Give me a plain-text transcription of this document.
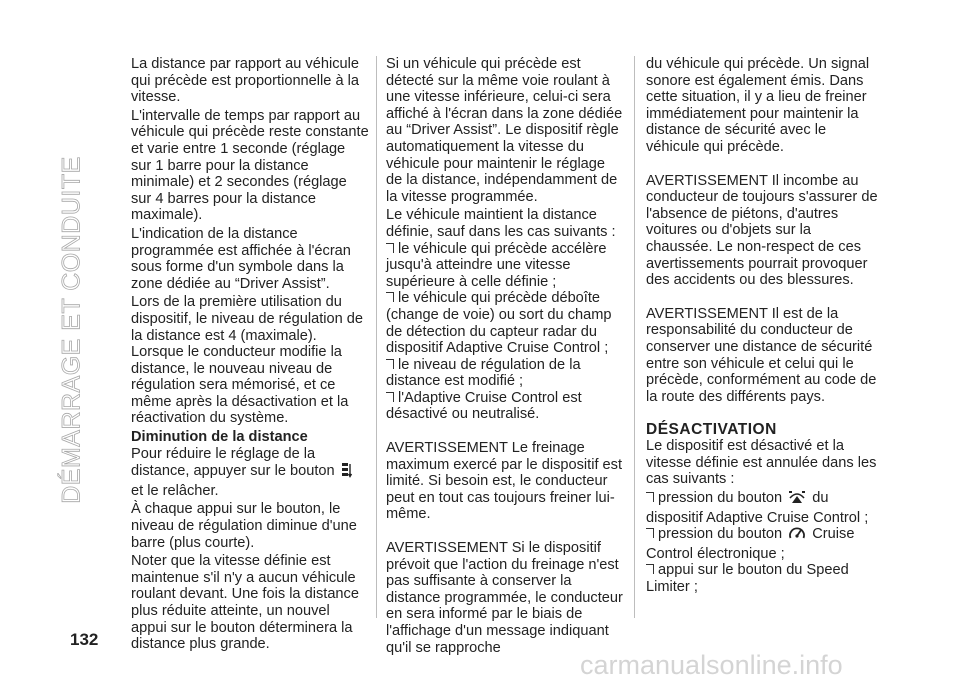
DÉMARRAGE ET CONDUITE

La distance par rapport au véhicule qui précède est proportionnelle à la vitesse.

L'intervalle de temps par rapport au véhicule qui précède reste constante et varie entre 1 seconde (réglage sur 1 barre pour la distance minimale) et 2 secondes (réglage sur 4 barres pour la distance maximale).

L'indication de la distance programmée est affichée à l'écran sous forme d'un symbole dans la zone dédiée au “Driver Assist”.

Lors de la première utilisation du dispositif, le niveau de régulation de la distance est 4 (maximale). Lorsque le conducteur modifie la distance, le nouveau niveau de régulation sera mémorisé, et ce même après la désactivation et la réactivation du système.

Diminution de la distance

Pour réduire le réglage de la distance, appuyer sur le bouton  et le relâcher.

À chaque appui sur le bouton, le niveau de régulation diminue d'une barre (plus courte).

Noter que la vitesse définie est maintenue s'il n'y a aucun véhicule roulant devant. Une fois la distance plus réduite atteinte, un nouvel appui sur le bouton déterminera la distance plus grande.

Si un véhicule qui précède est détecté sur la même voie roulant à une vitesse inférieure, celui-ci sera affiché à l'écran dans la zone dédiée au “Driver Assist”. Le dispositif règle automatiquement la vitesse du véhicule pour maintenir le réglage de la distance, indépendamment de la vitesse programmée.

Le véhicule maintient la distance définie, sauf dans les cas suivants :

le véhicule qui précède accélère jusqu'à atteindre une vitesse supérieure à celle définie ;

le véhicule qui précède déboîte (change de voie) ou sort du champ de détection du capteur radar du dispositif Adaptive Cruise Control ;

le niveau de régulation de la distance est modifié ;

l'Adaptive Cruise Control est désactivé ou neutralisé.

AVERTISSEMENT Le freinage maximum exercé par le dispositif est limité. Si besoin est, le conducteur peut en tout cas toujours freiner lui-même.

AVERTISSEMENT Si le dispositif prévoit que l'action du freinage n'est pas suffisante à conserver la distance programmée, le conducteur en sera informé par le biais de l'affichage d'un message indiquant qu'il se rapproche

du véhicule qui précède. Un signal sonore est également émis. Dans cette situation, il y a lieu de freiner immédiatement pour maintenir la distance de sécurité avec le véhicule qui précède.

AVERTISSEMENT Il incombe au conducteur de toujours s'assurer de l'absence de piétons, d'autres voitures ou d'objets sur la chaussée. Le non-respect de ces avertissements pourrait provoquer des accidents ou des blessures.

AVERTISSEMENT Il est de la responsabilité du conducteur de conserver une distance de sécurité entre son véhicule et celui qui le précède, conformément au code de la route des différents pays.

DÉSACTIVATION

Le dispositif est désactivé et la vitesse définie est annulée dans les cas suivants :

pression du bouton du dispositif Adaptive Cruise Control ;

pression du bouton Cruise Control électronique ;

appui sur le bouton du Speed Limiter ;

132
carmanualsonline.info
